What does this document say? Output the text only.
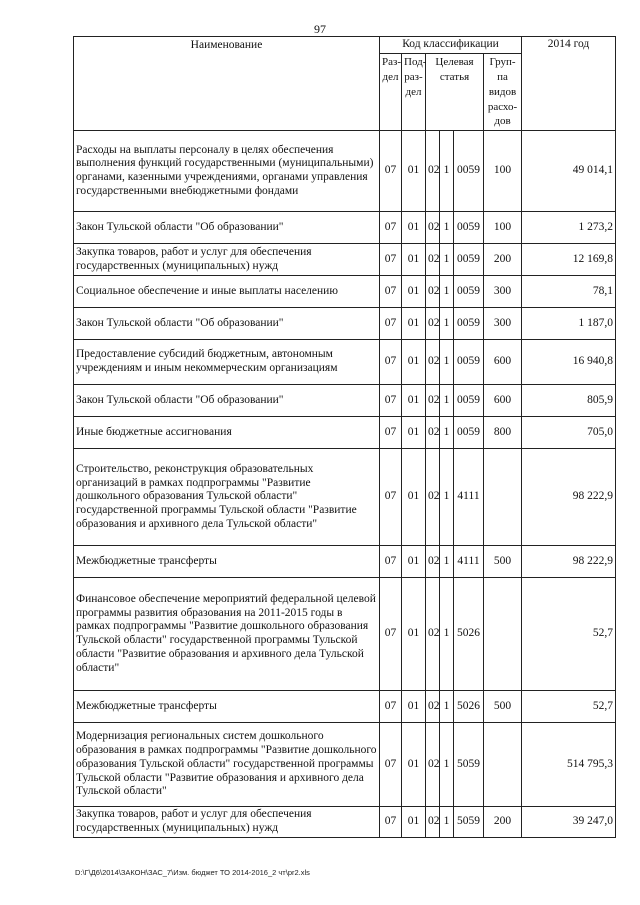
97
Наименование	Код классификации						2014 год
	Раз-дел	Под-раз-дел	Целевая статья			Груп-па видов расхо-дов	
Расходы на выплаты персоналу в целях обеспечения выполнения функций государственными (муниципальными) органами, казенными учреждениями, органами управления государственными внебюджетными фондами	07	01	02	1	0059	100	49 014,1
Закон Тульской области "Об образовании"	07	01	02	1	0059	100	1 273,2
Закупка товаров, работ и услуг для обеспечения государственных (муниципальных) нужд	07	01	02	1	0059	200	12 169,8
Социальное обеспечение и иные выплаты населению	07	01	02	1	0059	300	78,1
Закон Тульской области "Об образовании"	07	01	02	1	0059	300	1 187,0
Предоставление субсидий бюджетным, автономным учреждениям и иным некоммерческим организациям	07	01	02	1	0059	600	16 940,8
Закон Тульской области "Об образовании"	07	01	02	1	0059	600	805,9
Иные бюджетные ассигнования	07	01	02	1	0059	800	705,0
Строительство, реконструкция образовательных организаций в рамках подпрограммы "Развитие дошкольного образования Тульской области" государственной программы Тульской области "Развитие образования и архивного дела Тульской области"	07	01	02	1	4111		98 222,9
Межбюджетные трансферты	07	01	02	1	4111	500	98 222,9
Финансовое обеспечение мероприятий федеральной целевой программы развития образования на 2011-2015 годы в рамках подпрограммы "Развитие дошкольного образования Тульской области" государственной программы Тульской области "Развитие образования и архивного дела Тульской области"	07	01	02	1	5026		52,7
Межбюджетные трансферты	07	01	02	1	5026	500	52,7
Модернизация региональных систем дошкольного образования в рамках подпрограммы "Развитие дошкольного образования Тульской области" государственной программы Тульской области "Развитие образования и архивного дела Тульской области"	07	01	02	1	5059		514 795,3
Закупка товаров, работ и услуг для обеспечения государственных (муниципальных) нужд	07	01	02	1	5059	200	39 247,0
D:\Г\Д6\2014\ЗАКОН\ЗАС_7\Изм. бюджет ТО 2014-2016_2 чт\pr2.xls
